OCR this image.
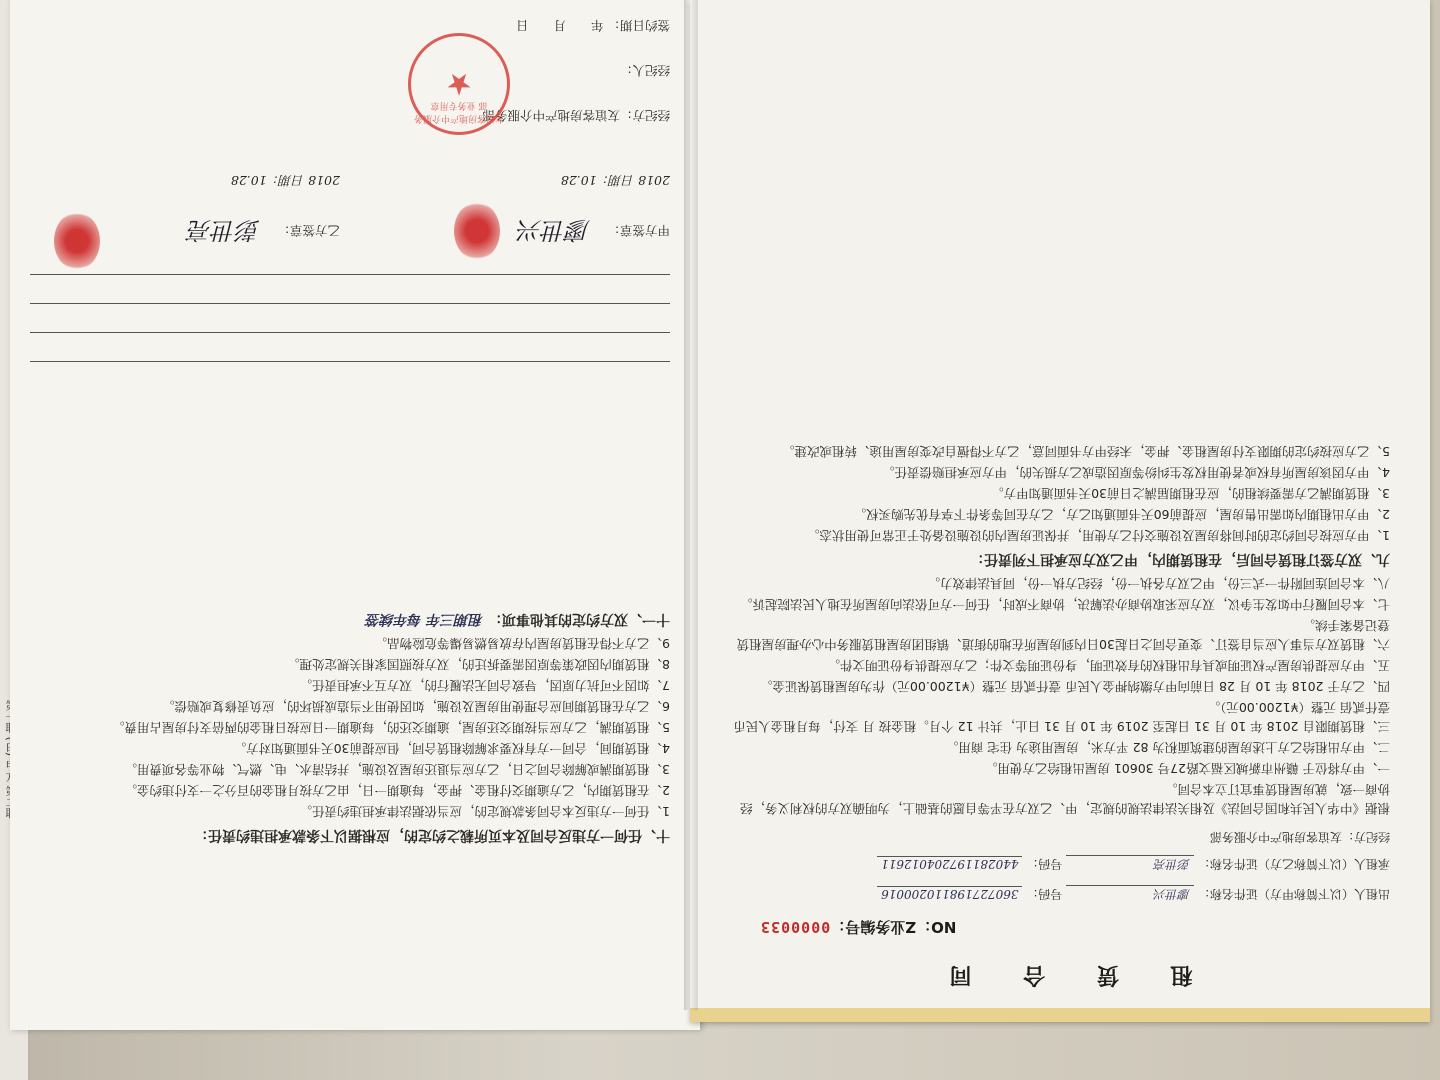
十、任何一方违反合同及本页所载之约定的，应根据以下条款承担违约责任：

1、任何一方违反本合同条款规定的，应当依据法律承担违约责任。

2、在租赁期内，乙方逾期交付租金、押金，每逾期一日，由乙方按月租金的百分之一支付违约金。

3、租赁期满或解除合同之日，乙方应当退还房屋及设施，并结清水、电、燃气、物业等各项费用。

4、租赁期间，合同一方有权要求解除租赁合同，但应提前30天书面通知对方。

5、租赁期满，乙方应当按期交还房屋，逾期交还的，每逾期一日应按日租金的两倍支付房屋占用费。

6、乙方在租赁期间应合理使用房屋及设施，如因使用不当造成损坏的，应负责修复或赔偿。

7、如因不可抗力原因，导致合同无法履行的，双方互不承担责任。

8、租赁期内因政策等原因需要拆迁的，双方按照国家相关规定处理。

9、乙方不得在租赁房屋内存放易燃易爆等危险物品。

十一、双方约定的其他事项： 租期三年 每年续签

甲方签章：
廖世兴
2018 日期：10.28
乙方签章：
彭世亮
2018 日期：10.28
经纪方：友谊客房地产中介服务部
友谊客房地产中介服务部 业务专用章
★	经纪人：
签约日期： 年　　月　　日
租 赁 合 同
NO：Z业务编号：0000033
出租人（以下简称甲方）证件名称： 廖世兴 号码： 360727198110200016
承租人（以下简称乙方）证件名称： 彭世亮 号码： 440281197204012611
经纪方：友谊客房地产中介服务部

根据《中华人民共和国合同法》及相关法律法规的规定，甲、乙双方在平等自愿的基础上，为明确双方的权利义务，经协商一致，就房屋租赁事宜订立本合同。

一、甲方将位于 赣州市新城区福文路27号 30601 房屋出租给乙方使用。

二、甲方出租给乙方上述房屋的建筑面积为 82 平方米，房屋用途为 住宅 商用。

三、租赁期限自 2018 年 10 月 31 日起至 2019 年 10 月 31 日止，共计 12 个月。租金按 月 支付，每月租金人民币 壹仟贰佰 元整（¥1200.00元）。

四、乙方于 2018 年 10 月 28 日前向甲方缴纳押金人民币 壹仟贰佰 元整（¥1200.00元）作为房屋租赁保证金。

五、甲方应提供房屋产权证明或具有出租权的有效证明，身份证明等文件；乙方应提供身份证明文件。

六、租赁双方当事人应当自签订、变更合同之日起30日内到房屋所在地的街道、镇组团房屋租赁服务中心办理房屋租赁登记备案手续。

七、本合同履行中如发生争议，双方应采取协商办法解决，协商不成时，任何一方可依法向房屋所在地人民法院起诉。

八、本合同连同附件一式三份，甲乙双方各执一份，经纪方执一份，同具法律效力。

九、双方签订租赁合同后，在租赁期内，甲乙双方应承担下列责任：

1、甲方应按合同约定的时间将房屋及设施交付乙方使用，并保证房屋内的设施设备处于正常可使用状态。

2、甲方出租期内如需出售房屋，应提前60天书面通知乙方，乙方在同等条件下享有优先购买权。

3、租赁期满乙方需要续租的，应在租期届满之日前30天书面通知甲方。

4、甲方因该房屋所有权或者使用权发生纠纷等原因造成乙方损失的，甲方应承担赔偿责任。

5、乙方应按约定的期限支付房屋租金、押金，未经甲方书面同意，乙方不得擅自改变房屋用途、转租或改建。
